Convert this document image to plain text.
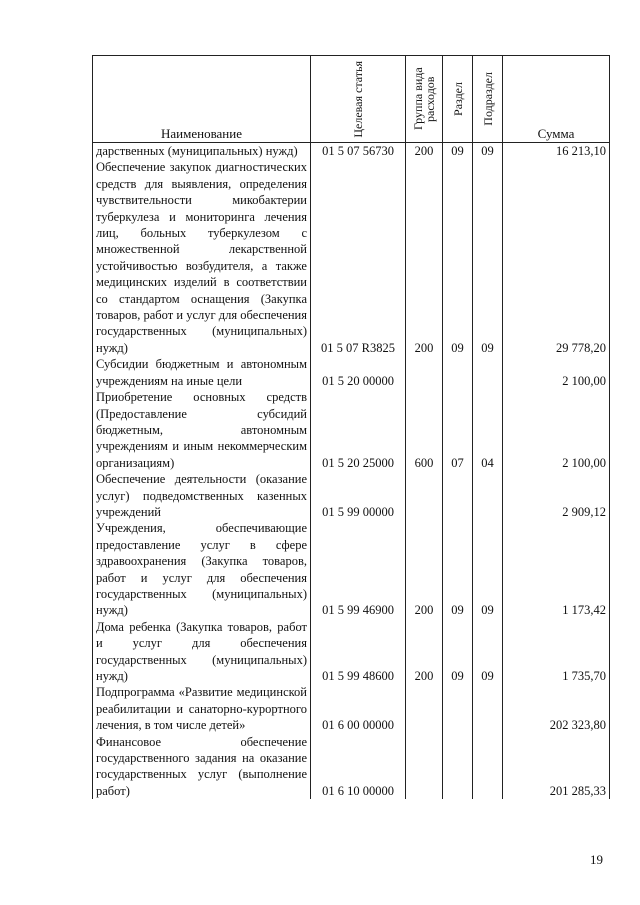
Наименование	Целевая статья	Группа вида расходов	Раздел	Подраздел	Сумма

дарственных (муниципальных) нужд)	01 5 07 56730	200	09	09	16 213,10
Обеспечение закупок диагностических средств для выявления, определения чувствительности микобактерии туберкулеза и мониторинга лечения лиц, больных туберкулезом с множественной лекарственной устойчивостью возбудителя, а также медицинских изделий в соответствии со стандартом оснащения (Закупка товаров, работ и услуг для обеспечения государственных (муниципальных) нужд)	01 5 07 R3825	200	09	09	29 778,20
Субсидии бюджетным и автономным учреждениям на иные цели	01 5 20 00000				2 100,00
Приобретение основных средств (Предоставление субсидий бюджетным, автономным учреждениям и иным некоммерческим организациям)	01 5 20 25000	600	07	04	2 100,00
Обеспечение деятельности (оказание услуг) подведомственных казенных учреждений	01 5 99 00000				2 909,12
Учреждения, обеспечивающие предоставление услуг в сфере здравоохранения (Закупка товаров, работ и услуг для обеспечения государственных (муниципальных) нужд)	01 5 99 46900	200	09	09	1 173,42
Дома ребенка (Закупка товаров, работ и услуг для обеспечения государственных (муниципальных) нужд)	01 5 99 48600	200	09	09	1 735,70
Подпрограмма «Развитие медицинской реабилитации и санаторно-курортного лечения, в том числе детей»	01 6 00 00000				202 323,80
Финансовое обеспечение государственного задания на оказание государственных услуг (выполнение работ)	01 6 10 00000				201 285,33
19
